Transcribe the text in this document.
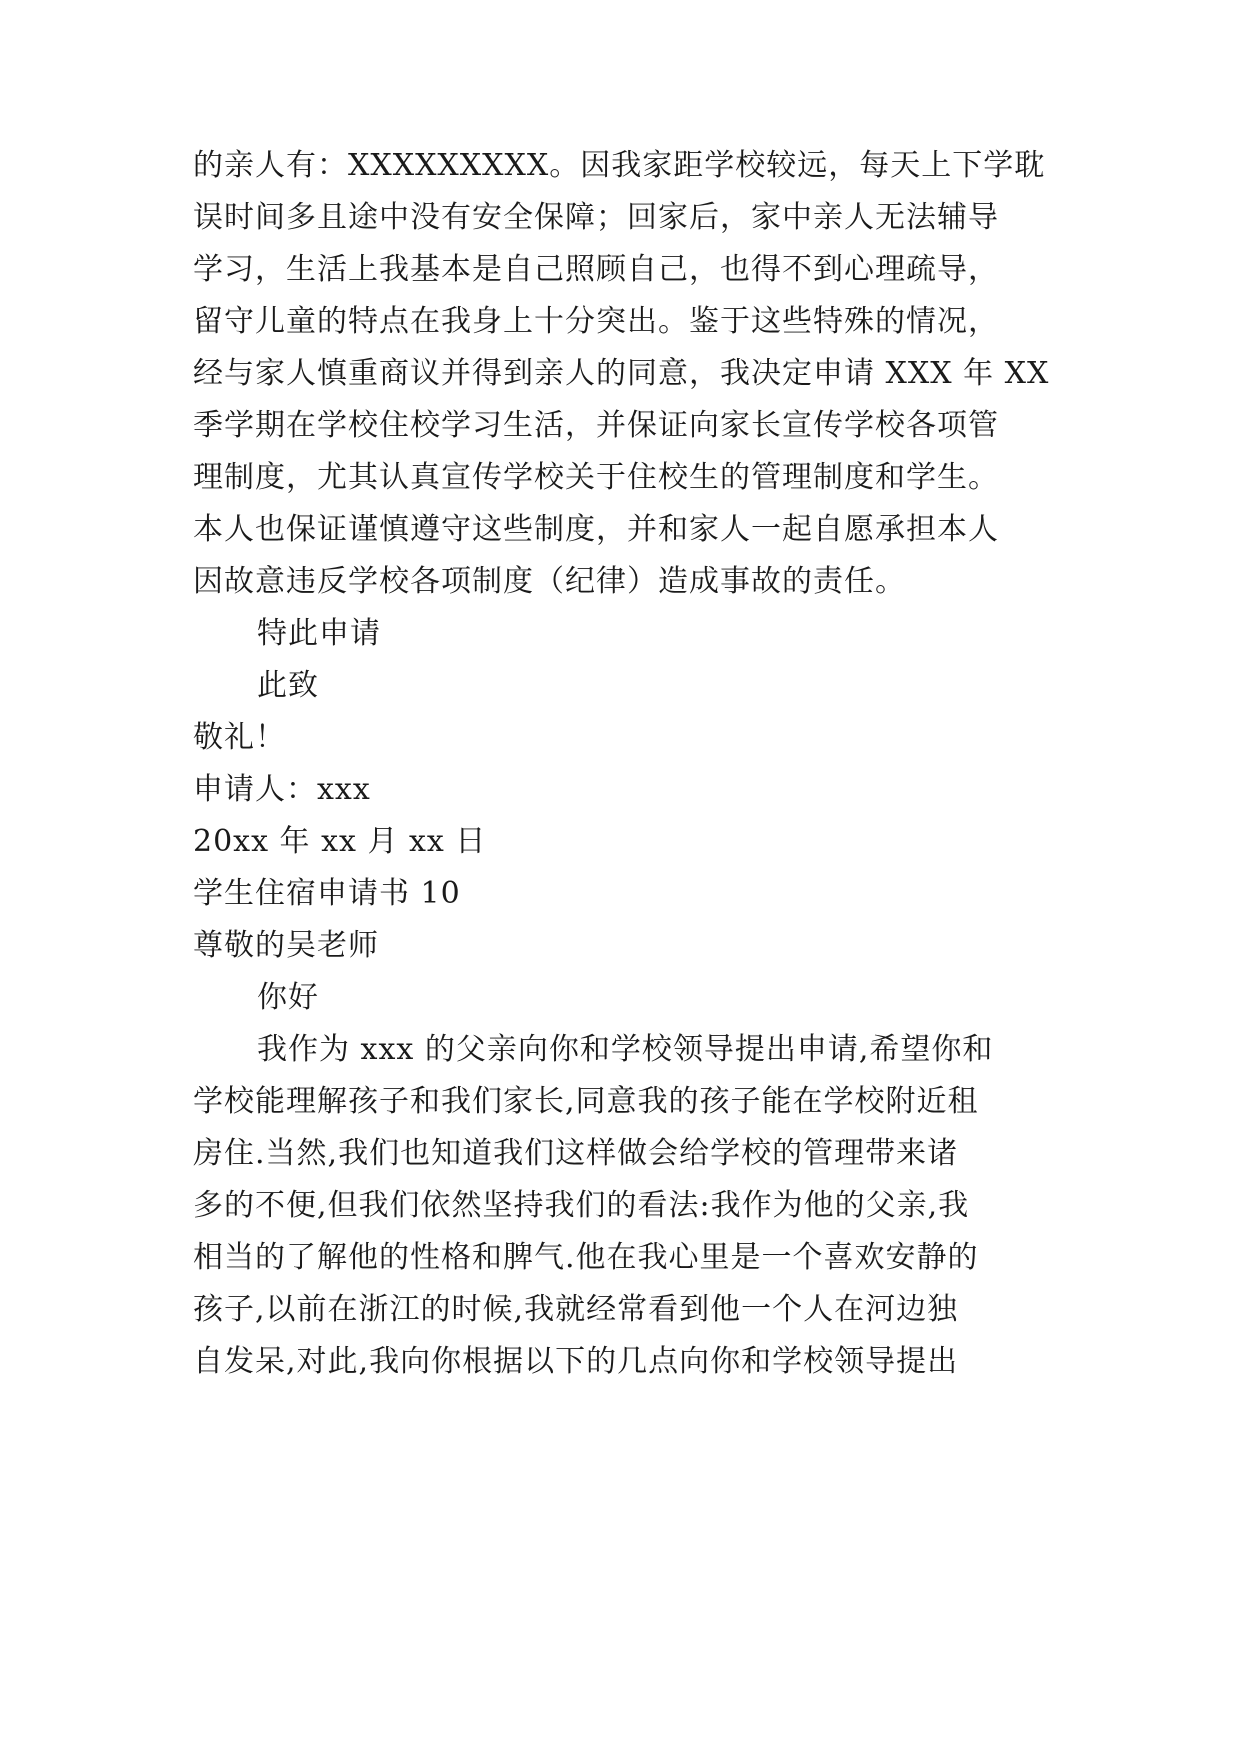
的亲人有：XXXXXXXXX。因我家距学校较远，每天上下学耽
误时间多且途中没有安全保障；回家后，家中亲人无法辅导
学习，生活上我基本是自己照顾自己，也得不到心理疏导，
留守儿童的特点在我身上十分突出。鉴于这些特殊的情况，
经与家人慎重商议并得到亲人的同意，我决定申请 XXX 年 XX
季学期在学校住校学习生活，并保证向家长宣传学校各项管
理制度，尤其认真宣传学校关于住校生的管理制度和学生。
本人也保证谨慎遵守这些制度，并和家人一起自愿承担本人
因故意违反学校各项制度（纪律）造成事故的责任。
特此申请
此致
敬礼！
申请人：xxx
20xx 年 xx 月 xx 日
学生住宿申请书 10
尊敬的吴老师
你好
我作为 xxx 的父亲向你和学校领导提出申请,希望你和
学校能理解孩子和我们家长,同意我的孩子能在学校附近租
房住.当然,我们也知道我们这样做会给学校的管理带来诸
多的不便,但我们依然坚持我们的看法:我作为他的父亲,我
相当的了解他的性格和脾气.他在我心里是一个喜欢安静的
孩子,以前在浙江的时候,我就经常看到他一个人在河边独
自发呆,对此,我向你根据以下的几点向你和学校领导提出
